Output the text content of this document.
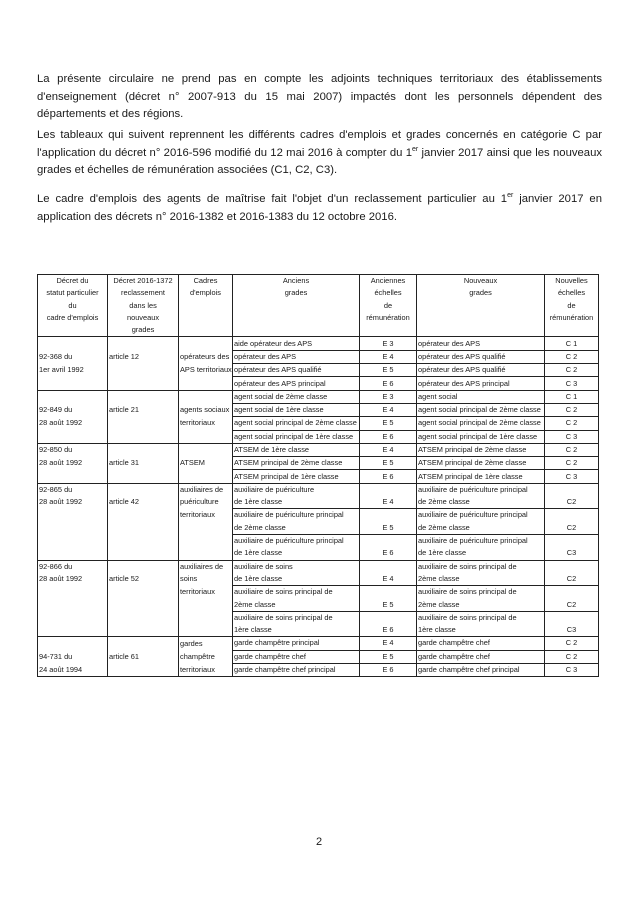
La présente circulaire ne prend pas en compte les adjoints techniques territoriaux des établissements d'enseignement (décret n° 2007-913 du 15 mai 2007) impactés dont les personnels dépendent des départements et des régions.

Les tableaux qui suivent reprennent les différents cadres d'emplois et grades concernés en catégorie C par l'application du décret n° 2016-596 modifié du 12 mai 2016 à compter du 1er janvier 2017 ainsi que les nouveaux grades et échelles de rémunération associées (C1, C2, C3).

Le cadre d'emplois des agents de maîtrise fait l'objet d'un reclassement particulier au 1er janvier 2017 en application des décrets n° 2016-1382 et 2016-1383 du 12 octobre 2016.

Décret du	Décret 2016-1372	Cadres	Anciens	Anciennes	Nouveaux	Nouvelles
statut particulier	reclassement	d'emplois	grades	échelles	grades	échelles
du	dans les			de		de
cadre d'emplois	nouveaux			rémunération		rémunération
	grades					
			aide opérateur des APS	E 3	opérateur des APS	C 1
92-368 du	article 12	opérateurs des	opérateur des APS	E 4	opérateur des APS qualifié	C 2
1er avril 1992		APS territoriaux	opérateur des APS qualifié	E 5	opérateur des APS qualifié	C 2
			opérateur des APS principal	E 6	opérateur des APS principal	C 3
			agent social de 2ème classe	E 3	agent social	C 1
92-849 du	article 21	agents sociaux	agent social de 1ère classe	E 4	agent social principal de 2ème classe	C 2
28 août 1992		territoriaux	agent social principal de 2ème classe	E 5	agent social principal de 2ème classe	C 2
			agent social principal de 1ère classe	E 6	agent social principal de 1ère classe	C 3
92-850 du			ATSEM de 1ère classe	E 4	ATSEM principal de 2ème classe	C 2
28 août 1992	article 31	ATSEM	ATSEM principal de 2ème classe	E 5	ATSEM principal de 2ème classe	C 2
			ATSEM principal de 1ère classe	E 6	ATSEM principal de 1ère classe	C 3
92-865 du		auxiliaires de	auxiliaire de puériculture		auxiliaire de puériculture principal	
28 août 1992	article 42	puériculture	de 1ère classe	E 4	de 2ème classe	C2
		territoriaux	auxiliaire de puériculture principal		auxiliaire de puériculture principal	
			de 2ème classe	E 5	de 2ème classe	C2
			auxiliaire de puériculture principal		auxiliaire de puériculture principal	
			de 1ère classe	E 6	de 1ère classe	C3
92-866 du		auxiliaires de	auxiliaire de soins		auxiliaire de soins principal de	
28 août 1992	article 52	soins	de 1ère classe	E 4	2ème classe	C2
		territoriaux	auxiliaire de soins principal de		auxiliaire de soins principal de	
			2ème classe	E 5	2ème classe	C2
			auxiliaire de soins principal de		auxiliaire de soins principal de	
			1ère classe	E 6	1ère classe	C3
		gardes	garde champêtre principal	E 4	garde champêtre chef	C 2
94-731 du	article 61	champêtre	garde champêtre chef	E 5	garde champêtre chef	C 2
24 août 1994		territoriaux	garde champêtre chef principal	E 6	garde champêtre chef principal	C 3
2
